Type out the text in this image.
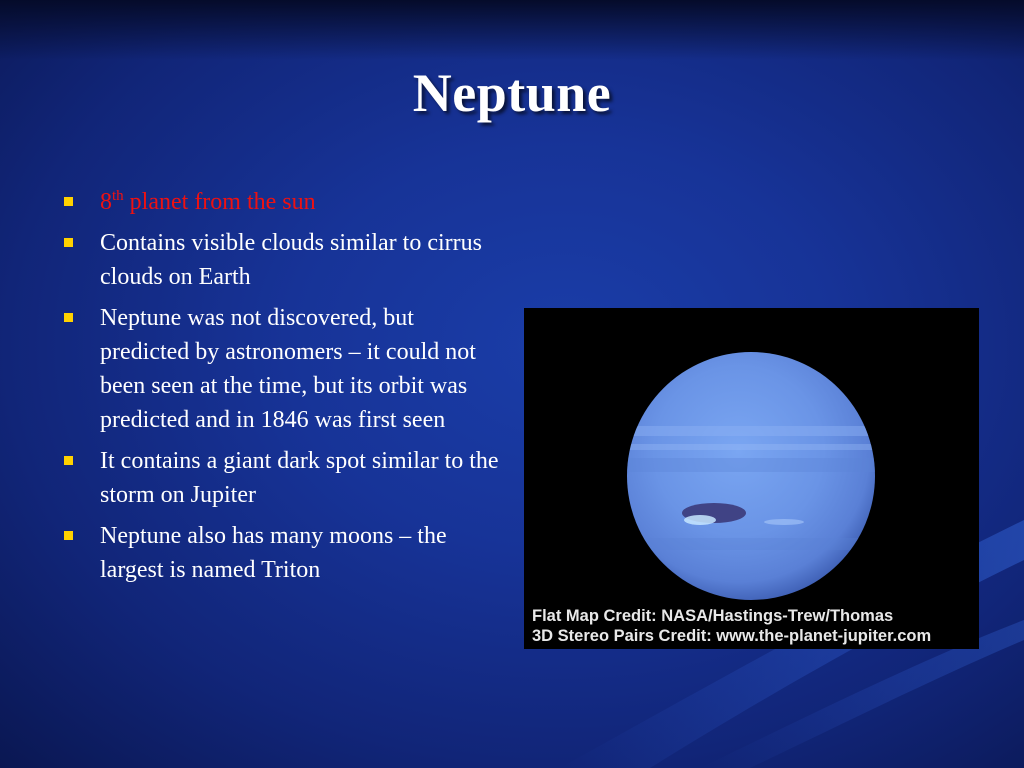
Neptune
8th planet from the sun
Contains visible clouds similar to cirrus clouds on Earth
Neptune was not discovered, but predicted by astronomers – it could not been seen at the time, but its orbit was predicted and in 1846 was first seen
It contains a giant dark spot similar to the storm on Jupiter
Neptune also has many moons – the largest is named Triton
Flat Map Credit: NASA/Hastings-Trew/Thomas
3D Stereo Pairs Credit: www.the-planet-jupiter.com
